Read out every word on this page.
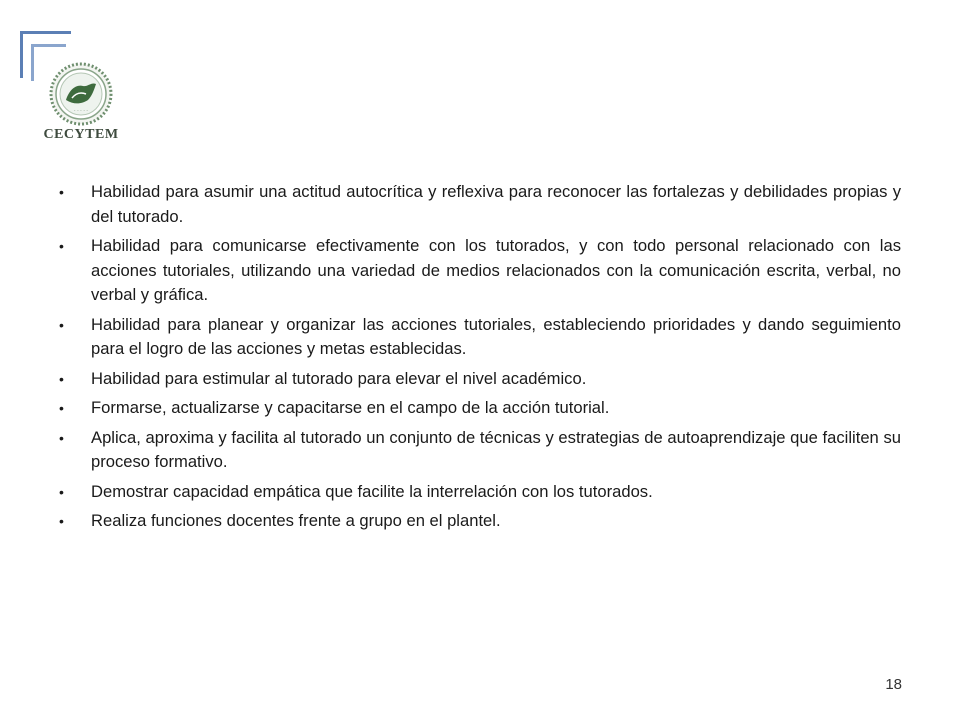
· · · · ·
CECYTEM
• Habilidad para asumir una actitud autocrítica y reflexiva para reconocer las fortalezas y debilidades propias y del tutorado.
• Habilidad para comunicarse efectivamente con los tutorados, y con todo personal relacionado con las acciones tutoriales, utilizando una variedad de medios relacionados con la comunicación escrita, verbal, no verbal y gráfica.
• Habilidad para planear y organizar las acciones tutoriales, estableciendo prioridades y dando seguimiento para el logro de las acciones y metas establecidas.
• Habilidad para estimular al tutorado para elevar el nivel académico.
• Formarse, actualizarse y capacitarse en el campo de la acción tutorial.
• Aplica, aproxima y facilita al tutorado un conjunto de técnicas y estrategias de autoaprendizaje que faciliten su proceso formativo.
• Demostrar capacidad empática que facilite la interrelación con los tutorados.
• Realiza funciones docentes frente a grupo en el plantel.
18
